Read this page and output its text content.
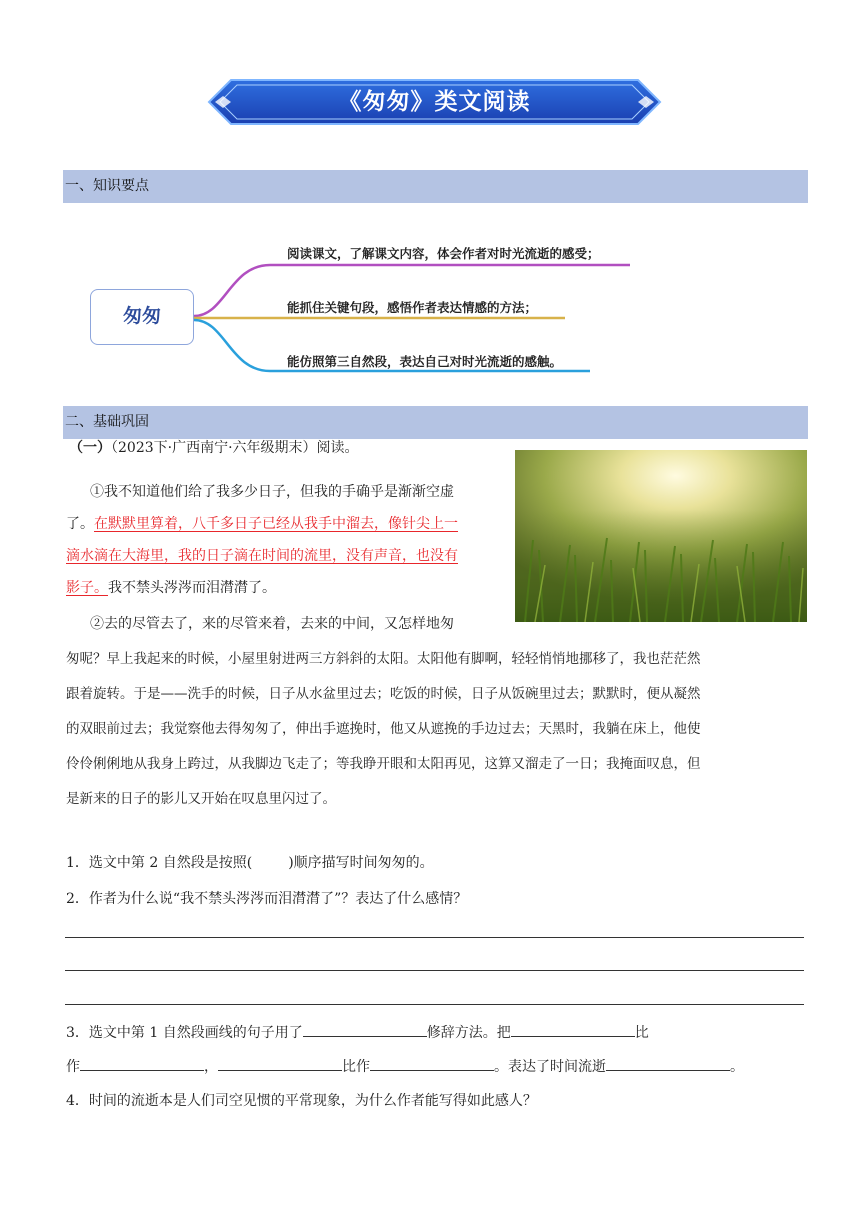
《匆匆》类文阅读
一、知识要点
匆匆
阅读课文，了解课文内容，体会作者对时光流逝的感受；
能抓住关键句段，感悟作者表达情感的方法；
能仿照第三自然段，表达自己对时光流逝的感触。
二、基础巩固
（一）（2023下·广西南宁·六年级期末）阅读。
①我不知道他们给了我多少日子，但我的手确乎是渐渐空虚
了。在默默里算着，八千多日子已经从我手中溜去，像针尖上一
滴水滴在大海里，我的日子滴在时间的流里，没有声音，也没有
影子。我不禁头涔涔而泪潸潸了。
②去的尽管去了，来的尽管来着，去来的中间，又怎样地匆
匆呢？早上我起来的时候，小屋里射进两三方斜斜的太阳。太阳他有脚啊，轻轻悄悄地挪移了，我也茫茫然
跟着旋转。于是——洗手的时候，日子从水盆里过去；吃饭的时候，日子从饭碗里过去；默默时，便从凝然
的双眼前过去；我觉察他去得匆匆了，伸出手遮挽时，他又从遮挽的手边过去；天黑时，我躺在床上，他使
伶伶俐俐地从我身上跨过，从我脚边飞走了；等我睁开眼和太阳再见，这算又溜走了一日；我掩面叹息，但
是新来的日子的影儿又开始在叹息里闪过了。
1．选文中第 2 自然段是按照(	)顺序描写时间匆匆的。
2．作者为什么说“我不禁头涔涔而泪潸潸了”？表达了什么感情？
3．选文中第 1 自然段画线的句子用了	修辞方法。把	比
作	，	比作	。表达了时间流逝	。
4．时间的流逝本是人们司空见惯的平常现象，为什么作者能写得如此感人？
